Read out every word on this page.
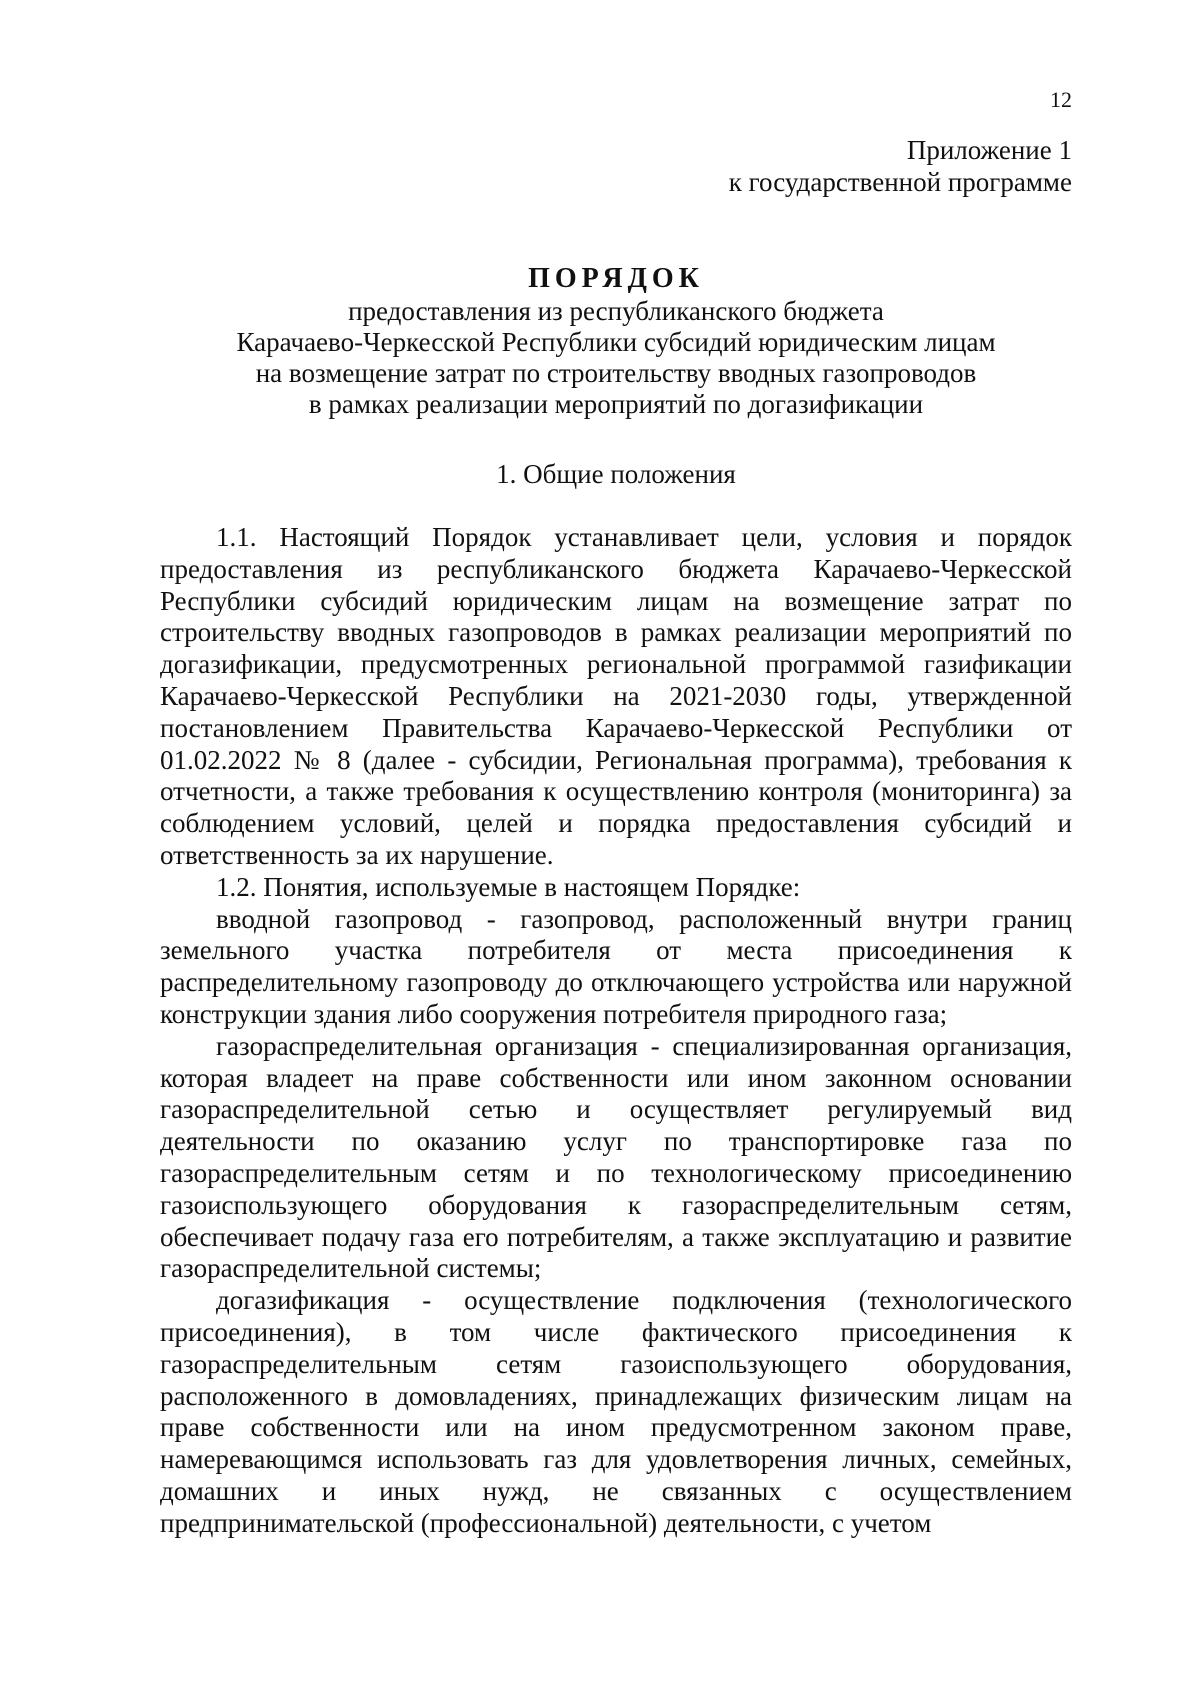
12
Приложение 1
к государственной программе
ПОРЯДОК
предоставления из республиканского бюджета
Карачаево-Черкесской Республики субсидий юридическим лицам
на возмещение затрат по строительству вводных газопроводов
в рамках реализации мероприятий по догазификации
1. Общие положения

1.1. Настоящий Порядок устанавливает цели, условия и порядок предоставления из республиканского бюджета Карачаево-Черкесской Республики субсидий юридическим лицам на возмещение затрат по строительству вводных газопроводов в рамках реализации мероприятий по догазификации, предусмотренных региональной программой газификации Карачаево-Черкесской Республики на 2021-2030 годы, утвержденной постановлением Правительства Карачаево-Черкесской Республики от 01.02.2022 № 8 (далее - субсидии, Региональная программа), требования к отчетности, а также требования к осуществлению контроля (мониторинга) за соблюдением условий, целей и порядка предоставления субсидий и ответственность за их нарушение.

1.2. Понятия, используемые в настоящем Порядке:

вводной газопровод - газопровод, расположенный внутри границ земельного участка потребителя от места присоединения к распределительному газопроводу до отключающего устройства или наружной конструкции здания либо сооружения потребителя природного газа;

газораспределительная организация - специализированная организация, которая владеет на праве собственности или ином законном основании газораспределительной сетью и осуществляет регулируемый вид деятельности по оказанию услуг по транспортировке газа по газораспределительным сетям и по технологическому присоединению газоиспользующего оборудования к газораспределительным сетям, обеспечивает подачу газа его потребителям, а также эксплуатацию и развитие газораспределительной системы;

догазификация - осуществление подключения (технологического присоединения), в том числе фактического присоединения к газораспределительным сетям газоиспользующего оборудования, расположенного в домовладениях, принадлежащих физическим лицам на праве собственности или на ином предусмотренном законом праве, намеревающимся использовать газ для удовлетворения личных, семейных, домашних и иных нужд, не связанных с осуществлением предпринимательской (профессиональной) деятельности, с учетом
